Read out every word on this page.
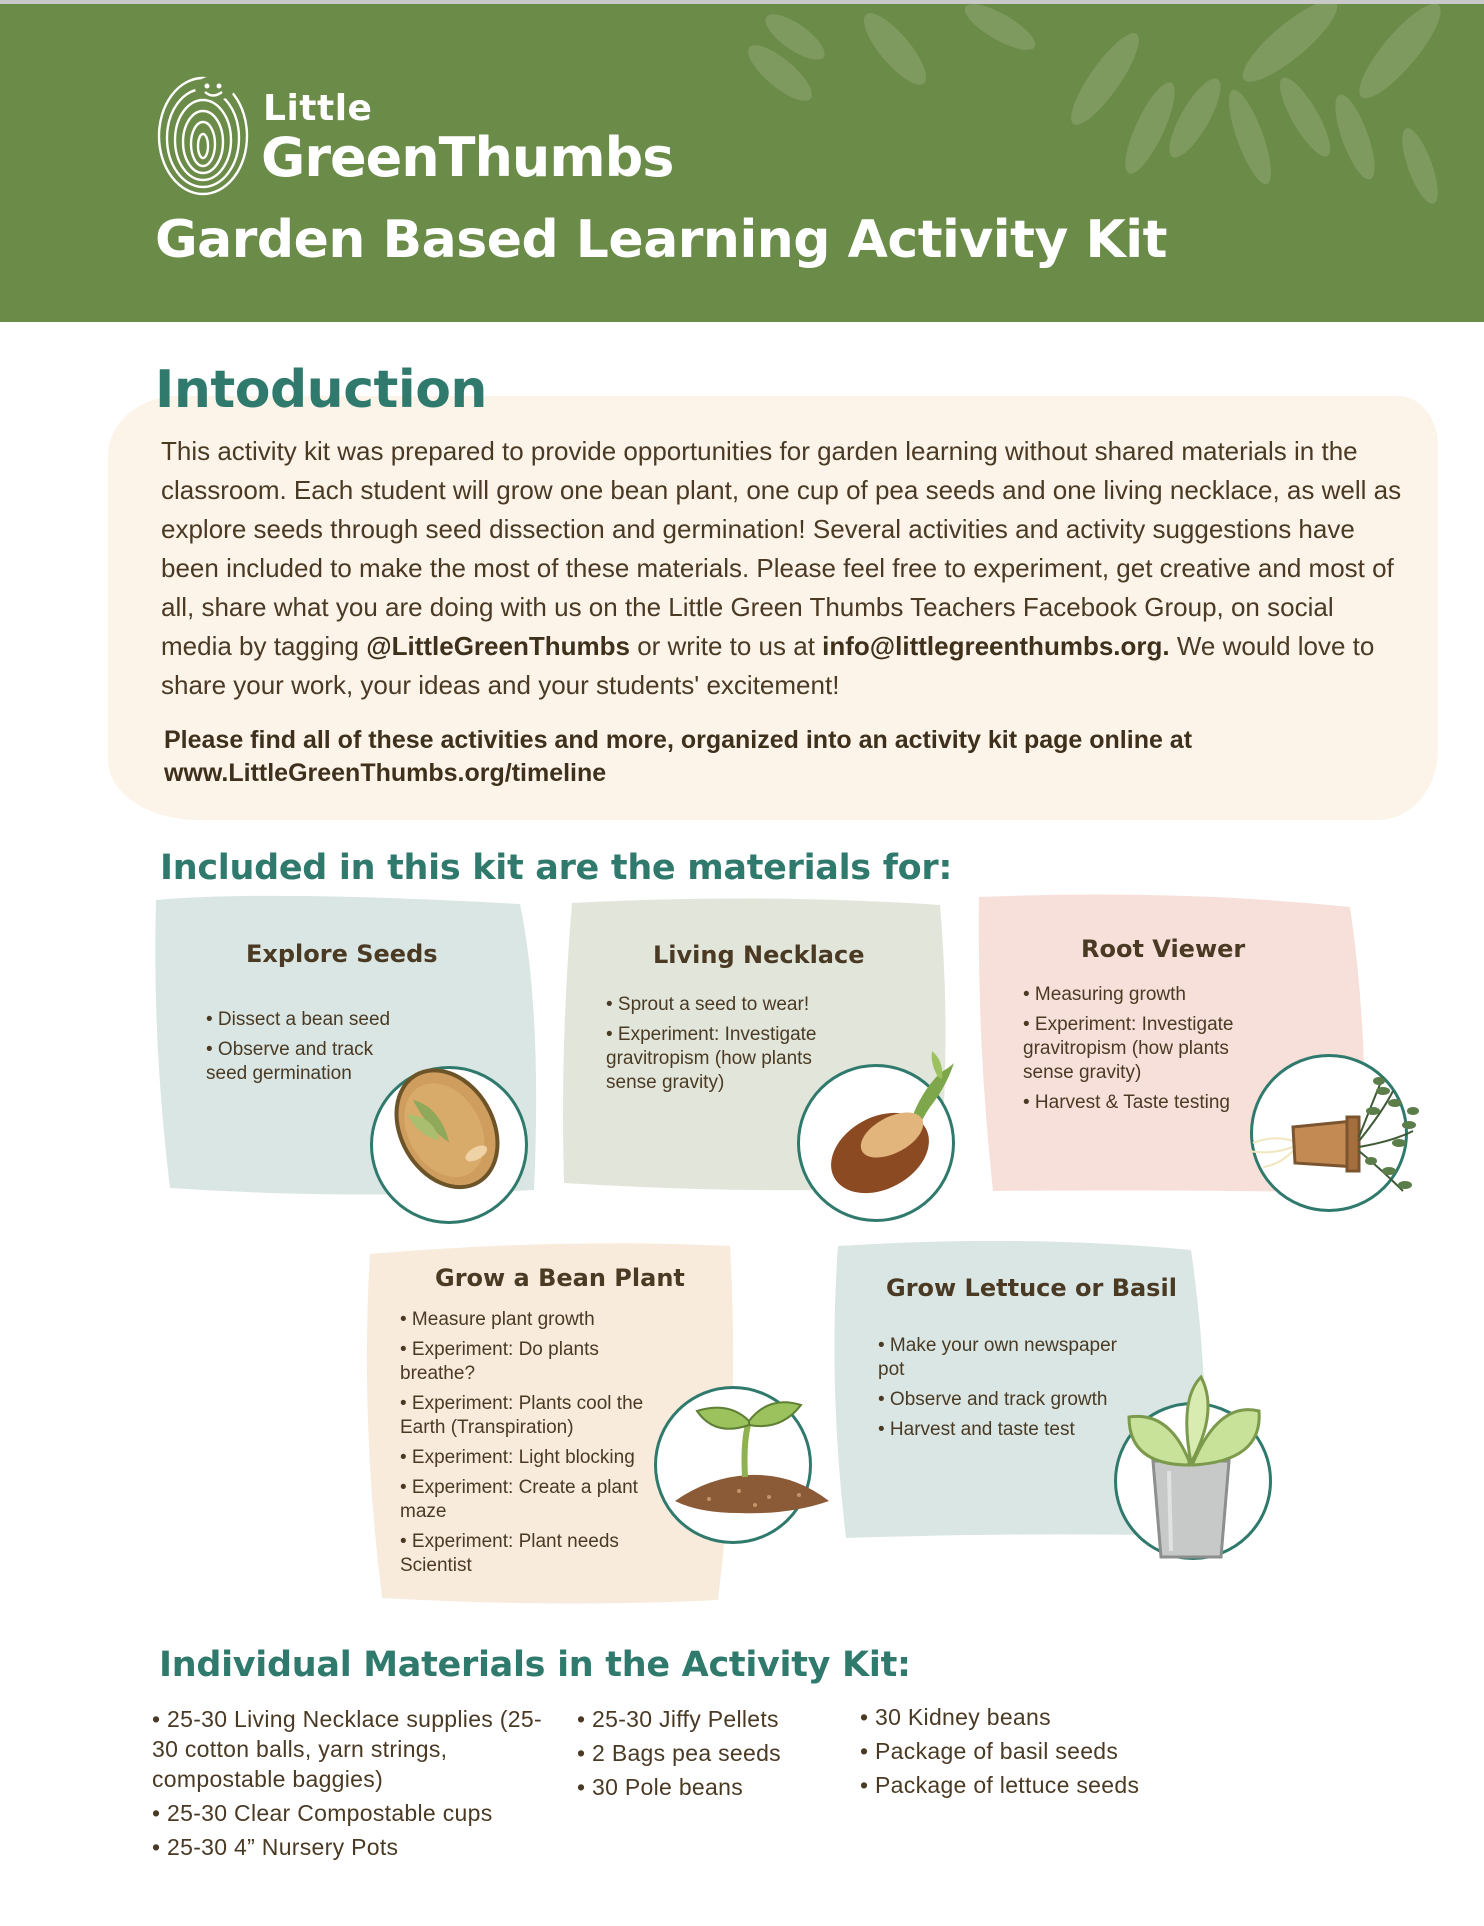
Little
GreenThumbs
Garden Based Learning Activity Kit
Intoduction

This activity kit was prepared to provide opportunities for garden learning without shared materials in the classroom. Each student will grow one bean plant, one cup of pea seeds and one living necklace, as well as explore seeds through seed dissection and germination! Several activities and activity suggestions have been included to make the most of these materials. Please feel free to experiment, get creative and most of all, share what you are doing with us on the Little Green Thumbs Teachers Facebook Group, on social media by tagging @LittleGreenThumbs or write to us at info@littlegreenthumbs.org. We would love to share your work, your ideas and your students' excitement!

Please find all of these activities and more, organized into an activity kit page online at
www.LittleGreenThumbs.org/timeline
Included in this kit are the materials for:
Explore Seeds
• Dissect a bean seed
• Observe and track seed germination
Living Necklace
• Sprout a seed to wear!
• Experiment: Investigate gravitropism (how plants sense gravity)
Root Viewer
• Measuring growth
• Experiment: Investigate gravitropism (how plants sense gravity)
• Harvest & Taste testing
Grow a Bean Plant
• Measure plant growth
• Experiment: Do plants breathe?
• Experiment: Plants cool the Earth (Transpiration)
• Experiment: Light blocking
• Experiment: Create a plant maze
• Experiment: Plant needs Scientist
Grow Lettuce or Basil
• Make your own newspaper pot
• Observe and track growth
• Harvest and taste test
Individual Materials in the Activity Kit:
• 25-30 Living Necklace supplies (25-30 cotton balls, yarn strings, compostable baggies)
• 25-30 Clear Compostable cups
• 25-30 4” Nursery Pots
• 25-30 Jiffy Pellets
• 2 Bags pea seeds
• 30 Pole beans
• 30 Kidney beans
• Package of basil seeds
• Package of lettuce seeds
